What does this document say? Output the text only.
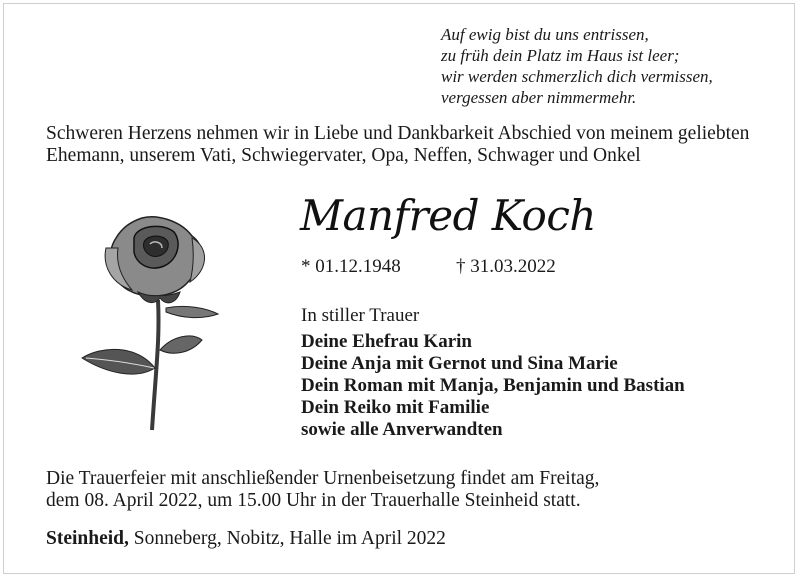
Auf ewig bist du uns entrissen,
zu früh dein Platz im Haus ist leer;
wir werden schmerzlich dich vermissen,
vergessen aber nimmermehr.
Schweren Herzens nehmen wir in Liebe und Dankbarkeit Abschied von meinem geliebten Ehemann, unserem Vati, Schwiegervater, Opa, Neffen, Schwager und Onkel
Manfred Koch
* 01.12.1948	† 31.03.2022
In stiller Trauer
Deine Ehefrau Karin
Deine Anja mit Gernot und Sina Marie
Dein Roman mit Manja, Benjamin und Bastian
Dein Reiko mit Familie
sowie alle Anverwandten
Die Trauerfeier mit anschließender Urnenbeisetzung findet am Freitag,
dem 08. April 2022, um 15.00 Uhr in der Trauerhalle Steinheid statt.
Steinheid, Sonneberg, Nobitz, Halle im April 2022
